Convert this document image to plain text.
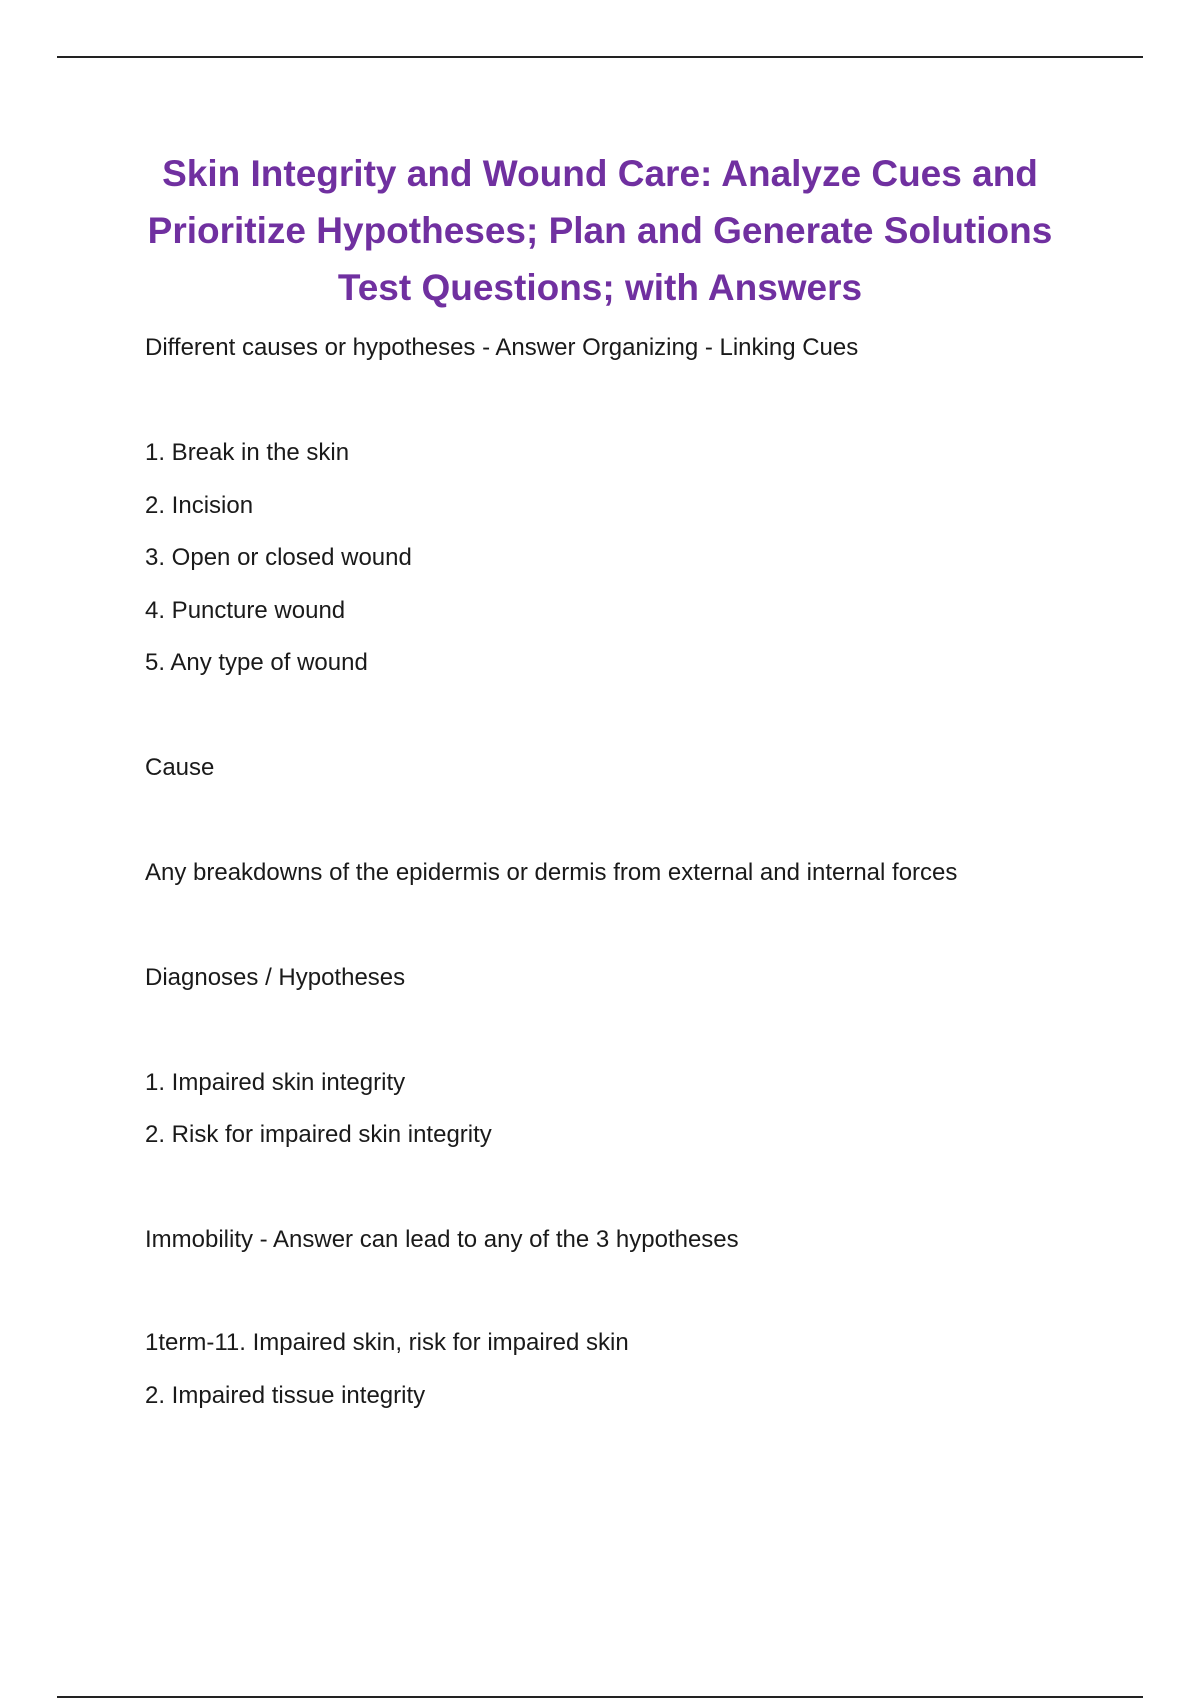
Skin Integrity and Wound Care: Analyze Cues and
Prioritize Hypotheses; Plan and Generate Solutions
Test Questions; with Answers

Different causes or hypotheses - Answer Organizing - Linking Cues

1. Break in the skin

2. Incision

3. Open or closed wound

4. Puncture wound

5. Any type of wound

Cause

Any breakdowns of the epidermis or dermis from external and internal forces

Diagnoses / Hypotheses

1. Impaired skin integrity

2. Risk for impaired skin integrity

Immobility - Answer can lead to any of the 3 hypotheses

1term-11. Impaired skin, risk for impaired skin

2. Impaired tissue integrity
